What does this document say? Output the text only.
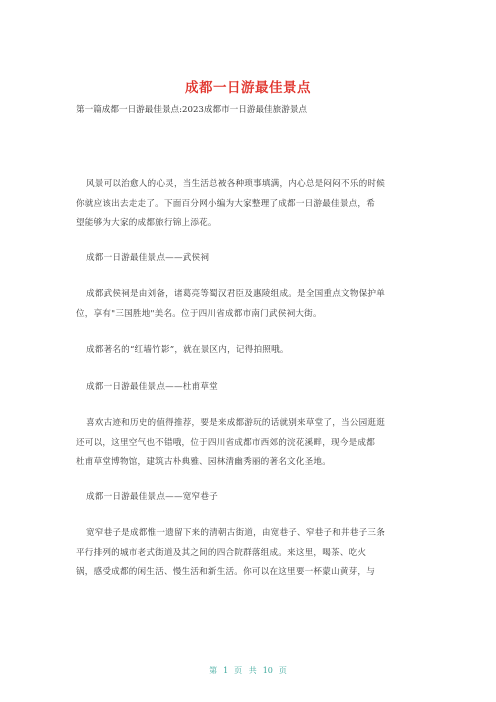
成都一日游最佳景点
第一篇成都一日游最佳景点:2023成都市一日游最佳旅游景点
风景可以治愈人的心灵，当生活总被各种琐事填满，内心总是闷闷不乐的时候
你就应该出去走走了。下面百分网小编为大家整理了成都一日游最佳景点，希
望能够为大家的成都旅行锦上添花。
成都一日游最佳景点——武侯祠
成都武侯祠是由刘备，诸葛亮等蜀汉君臣及惠陵组成。是全国重点文物保护单
位，享有"三国胜地"美名。位于四川省成都市南门武侯祠大街。
成都著名的“红墙竹影”，就在景区内，记得拍照哦。
成都一日游最佳景点——杜甫草堂
喜欢古迹和历史的值得推荐，要是来成都游玩的话就别来草堂了，当公园逛逛
还可以，这里空气也不错哦，位于四川省成都市西郊的浣花溪畔，现今是成都
杜甫草堂博物馆，建筑古朴典雅、园林清幽秀丽的著名文化圣地。
成都一日游最佳景点——宽窄巷子
宽窄巷子是成都惟一遗留下来的清朝古街道，由宽巷子、窄巷子和井巷子三条
平行排列的城市老式街道及其之间的四合院群落组成。来这里，喝茶、吃火
锅，感受成都的闲生活、慢生活和新生活。你可以在这里要一杯蒙山黄芽，与
第 1 页 共 10 页
